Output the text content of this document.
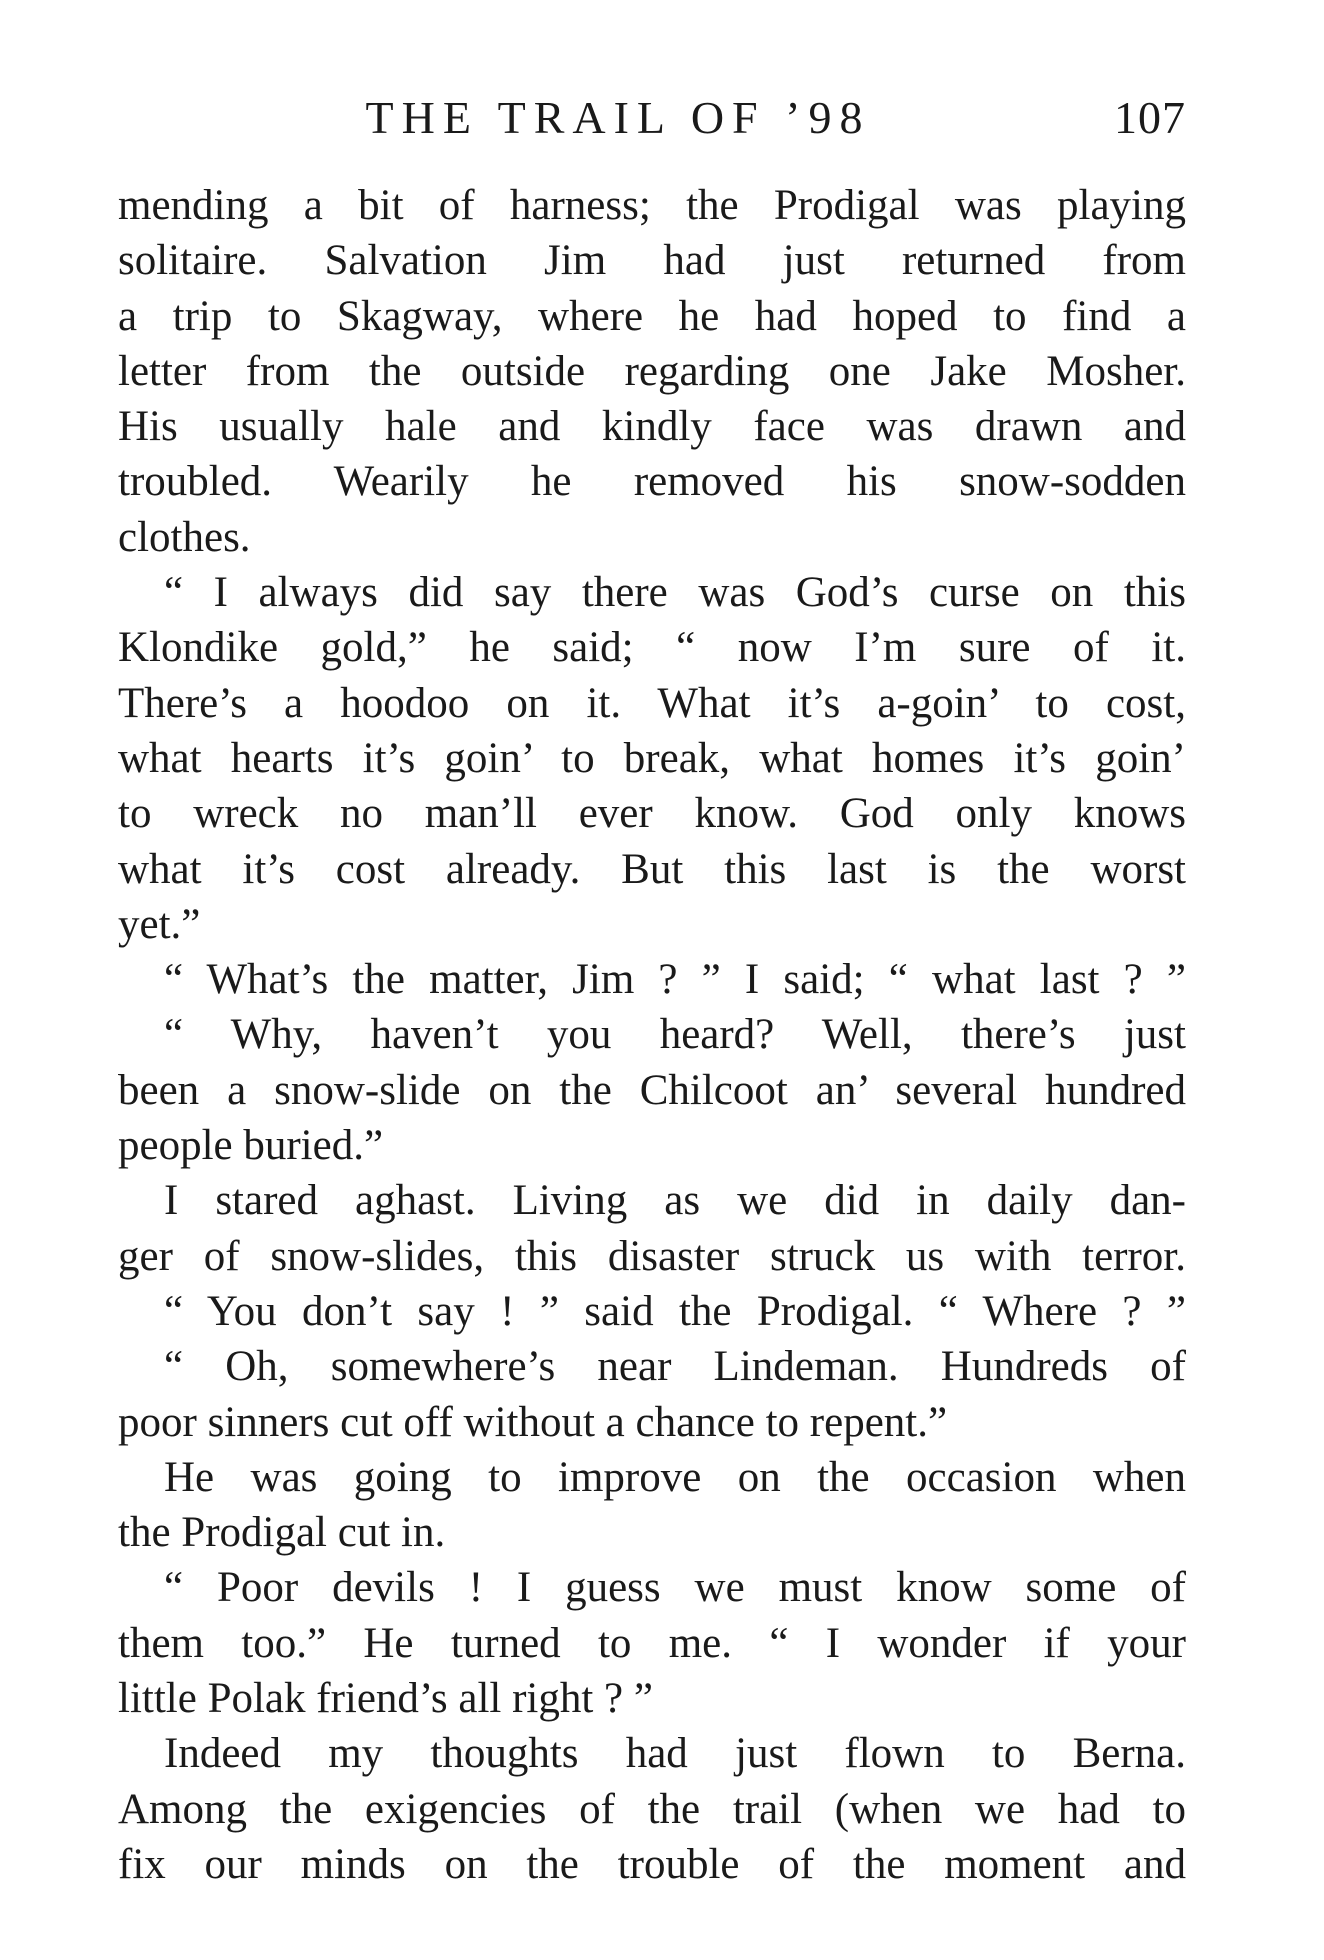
THE TRAIL OF ’98	107
mending a bit of harness; the Prodigal was playing
solitaire. Salvation Jim had just returned from
a trip to Skagway, where he had hoped to find a
letter from the outside regarding one Jake Mosher.
His usually hale and kindly face was drawn and
troubled. Wearily he removed his snow-sodden
clothes.
“ I always did say there was God’s curse on this
Klondike gold,” he said; “ now I’m sure of it.
There’s a hoodoo on it. What it’s a-goin’ to cost,
what hearts it’s goin’ to break, what homes it’s goin’
to wreck no man’ll ever know. God only knows
what it’s cost already. But this last is the worst
yet.”
“ What’s the matter, Jim ? ” I said; “ what last ? ”
“ Why, haven’t you heard? Well, there’s just
been a snow-slide on the Chilcoot an’ several hundred
people buried.”
I stared aghast. Living as we did in daily dan-
ger of snow-slides, this disaster struck us with terror.
“ You don’t say ! ” said the Prodigal. “ Where ? ”
“ Oh, somewhere’s near Lindeman. Hundreds of
poor sinners cut off without a chance to repent.”
He was going to improve on the occasion when
the Prodigal cut in.
“ Poor devils ! I guess we must know some of
them too.” He turned to me. “ I wonder if your
little Polak friend’s all right ? ”
Indeed my thoughts had just flown to Berna.
Among the exigencies of the trail (when we had to
fix our minds on the trouble of the moment and
